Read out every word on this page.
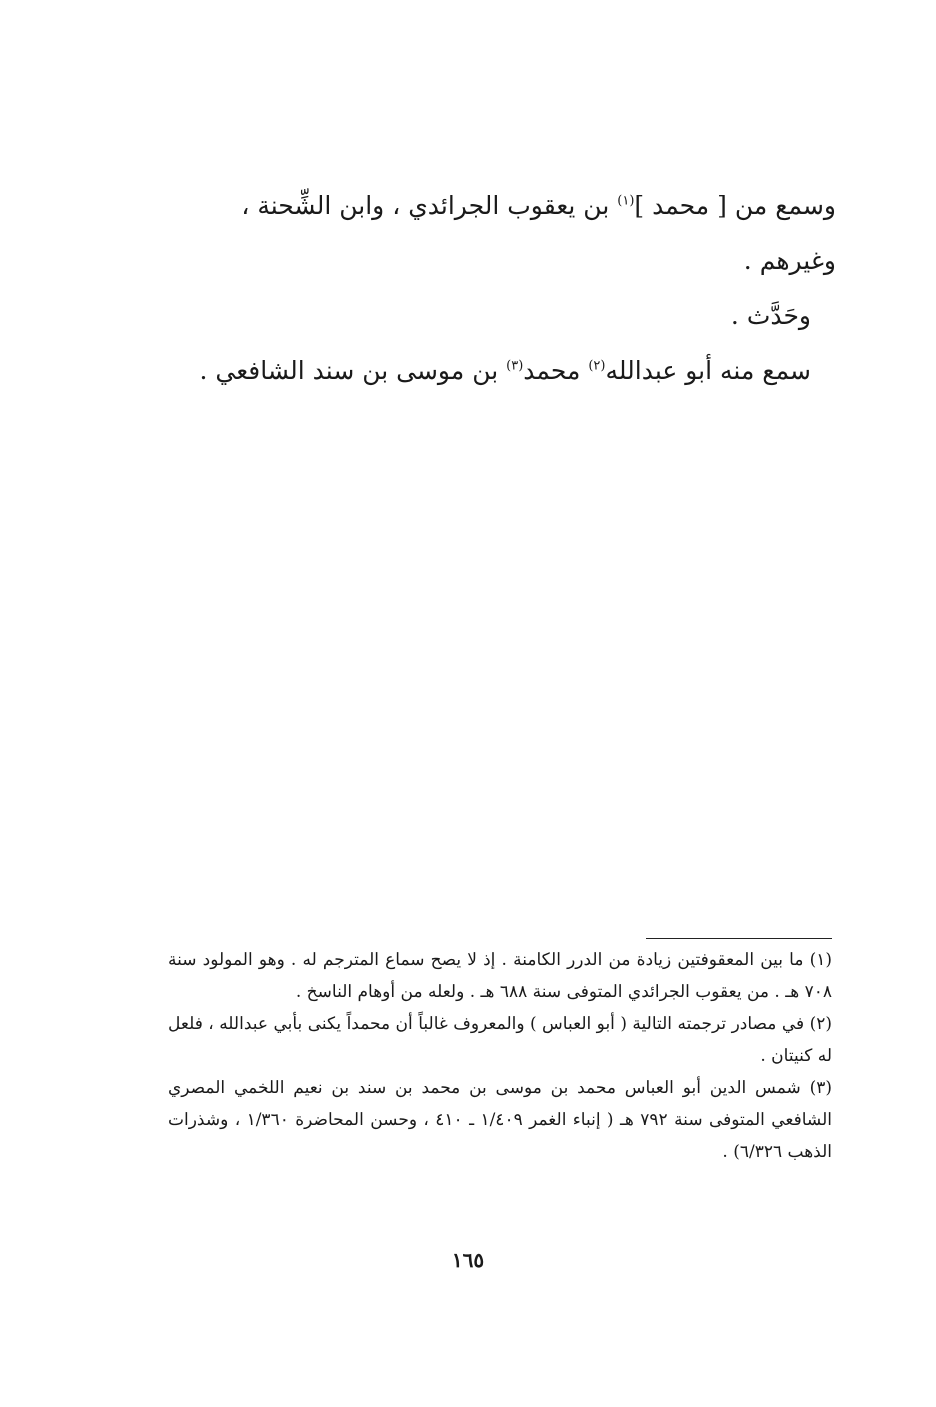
وسمع من [ محمد ]$^{(١)}$ بن يعقوب الجرائدي ، وابن الشِّحنة ،

وغيرهم .

وحَدَّث .

سمع منه أبو عبدالله$^{(٢)}$ محمد$^{(٣)}$ بن موسى بن سند الشافعي .

(١) ما بين المعقوفتين زيادة من الدرر الكامنة . إذ لا يصح سماع المترجم له . وهو المولود سنة ٧٠٨ هـ . من يعقوب الجرائدي المتوفى سنة ٦٨٨ هـ . ولعله من أوهام الناسخ .

(٢) في مصادر ترجمته التالية ( أبو العباس ) والمعروف غالباً أن محمداً يكنى بأبي عبدالله ، فلعل له كنيتان .

(٣) شمس الدين أبو العباس محمد بن موسى بن محمد بن سند بن نعيم اللخمي المصري الشافعي المتوفى سنة ٧٩٢ هـ ( إنباء الغمر ١/٤٠٩ ـ ٤١٠ ، وحسن المحاضرة ١/٣٦٠ ، وشذرات الذهب ٦/٣٢٦) .

١٦٥
